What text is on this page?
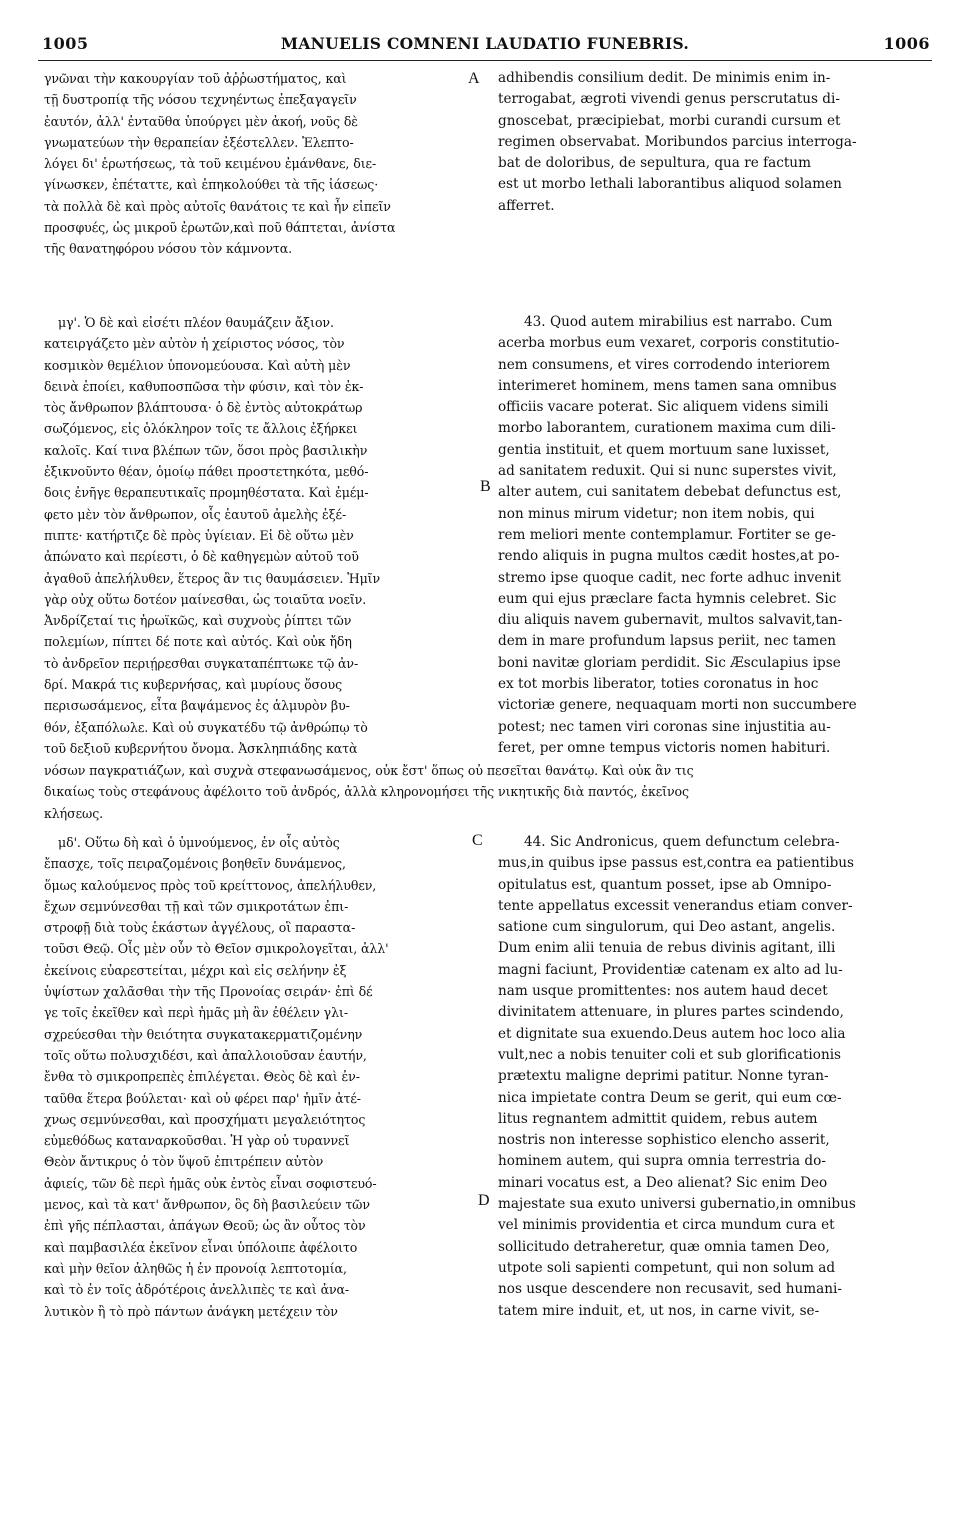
1005	MANUELIS COMNENI LAUDATIO FUNEBRIS.	1006
A
B
C
D

γνῶναι τὴν κακουργίαν τοῦ ἀῤῥωστήματος, καὶ

τῇ δυστροπίᾳ τῆς νόσου τεχνηέντως ἐπεξαγαγεῖν

ἑαυτόν, ἀλλ' ἐνταῦθα ὑπούργει μὲν ἀκοή, νοῦς δὲ

γνωματεύων τὴν θεραπείαν ἐξέστελλεν. Ἐλεπτο-

λόγει δι' ἐρωτήσεως, τὰ τοῦ κειμένου ἐμάνθανε, διε-

γίνωσκεν, ἐπέταττε, καὶ ἐπηκολούθει τὰ τῆς ἰάσεως·

τὰ πολλὰ δὲ καὶ πρὸς αὐτοῖς θανάτοις τε καὶ ἦν εἰπεῖν

προσφυές, ὡς μικροῦ ἐρωτῶν,καὶ ποῦ θάπτεται, ἀνίστα

τῆς θανατηφόρου νόσου τὸν κάμνοντα.

adhibendis consilium dedit. De minimis enim in-

terrogabat, ægroti vivendi genus perscrutatus di-

gnoscebat, præcipiebat, morbi curandi cursum et

regimen observabat. Moribundos parcius interroga-

bat de doloribus, de sepultura, qua re factum

est ut morbo lethali laborantibus aliquod solamen

afferret.

μγ'. Ὁ δὲ καὶ εἰσέτι πλέον θαυμάζειν ἄξιον.

κατειργάζετο μὲν αὐτὸν ἡ χείριστος νόσος, τὸν

κοσμικὸν θεμέλιον ὑπονομεύουσα. Καὶ αὐτὴ μὲν

δεινὰ ἐποίει, καθυποσπῶσα τὴν φύσιν, καὶ τὸν ἐκ-

τὸς ἄνθρωπον βλάπτουσα· ὁ δὲ ἐντὸς αὐτοκράτωρ

σωζόμενος, εἰς ὁλόκληρον τοῖς τε ἄλλοις ἐξήρκει

καλοῖς. Καί τινα βλέπων τῶν, ὅσοι πρὸς βασιλικὴν

ἐξικνοῦντο θέαν, ὁμοίῳ πάθει προστετηκότα, μεθό-

δοις ἐνῆγε θεραπευτικαῖς προμηθέστατα. Καὶ ἐμέμ-

φετο μὲν τὸν ἄνθρωπον, οἷς ἑαυτοῦ ἀμελὴς ἐξέ-

πιπτε· κατήρτιζε δὲ πρὸς ὑγίειαν. Εἰ δὲ οὕτω μὲν

ἀπώνατο καὶ περίεστι, ὁ δὲ καθηγεμὼν αὐτοῦ τοῦ

ἀγαθοῦ ἀπελήλυθεν, ἕτερος ἂν τις θαυμάσειεν. Ἡμῖν

γὰρ οὐχ οὕτω δοτέον μαίνεσθαι, ὡς τοιαῦτα νοεῖν.

Ἀνδρίζεταί τις ἡρωϊκῶς, καὶ συχνοὺς ῥίπτει τῶν

πολεμίων, πίπτει δέ ποτε καὶ αὐτός. Καὶ οὐκ ἤδη

τὸ ἀνδρεῖον περιῄρεσθαι συγκαταπέπτωκε τῷ ἀν-

δρί. Μακρά τις κυβερνήσας, καὶ μυρίους ὅσους

περισωσάμενος, εἶτα βαψάμενος ἐς ἁλμυρὸν βυ-

θόν, ἐξαπόλωλε. Καὶ οὐ συγκατέδυ τῷ ἀνθρώπῳ τὸ

τοῦ δεξιοῦ κυβερνήτου ὄνομα. Ἀσκληπιάδης κατὰ

43. Quod autem mirabilius est narrabo. Cum

acerba morbus eum vexaret, corporis constitutio-

nem consumens, et vires corrodendo interiorem

interimeret hominem, mens tamen sana omnibus

officiis vacare poterat. Sic aliquem videns simili

morbo laborantem, curationem maxima cum dili-

gentia instituit, et quem mortuum sane luxisset,

ad sanitatem reduxit. Qui si nunc superstes vivit,

alter autem, cui sanitatem debebat defunctus est,

non minus mirum videtur; non item nobis, qui

rem meliori mente contemplamur. Fortiter se ge-

rendo aliquis in pugna multos cædit hostes,at po-

stremo ipse quoque cadit, nec forte adhuc invenit

eum qui ejus præclare facta hymnis celebret. Sic

diu aliquis navem gubernavit, multos salvavit,tan-

dem in mare profundum lapsus periit, nec tamen

boni navitæ gloriam perdidit. Sic Æsculapius ipse

ex tot morbis liberator, toties coronatus in hoc

victoriæ genere, nequaquam morti non succumbere

potest; nec tamen viri coronas sine injustitia au-

feret, per omne tempus victoris nomen habituri.

νόσων παγκρατιάζων, καὶ συχνὰ στεφανωσάμενος, οὐκ ἔστ' ὅπως οὐ πεσεῖται θανάτῳ. Καὶ οὐκ ἂν τις

δικαίως τοὺς στεφάνους ἀφέλοιτο τοῦ ἀνδρός, ἀλλὰ κληρονομήσει τῆς νικητικῆς διὰ παντός, ἐκεῖνος

κλήσεως.

μδ'. Οὕτω δὴ καὶ ὁ ὑμνούμενος, ἐν οἷς αὐτὸς

ἔπασχε, τοῖς πειραζομένοις βοηθεῖν δυνάμενος,

ὅμως καλούμενος πρὸς τοῦ κρείττονος, ἀπελήλυθεν,

ἔχων σεμνύνεσθαι τῇ καὶ τῶν σμικροτάτων ἐπι-

στροφῇ διὰ τοὺς ἑκάστων ἀγγέλους, οἳ παραστα-

τοῦσι Θεῷ. Οἷς μὲν οὖν τὸ Θεῖον σμικρολογεῖται, ἀλλ'

ἐκείνοις εὐαρεστείται, μέχρι καὶ εἰς σελήνην ἐξ

ὑψίστων χαλᾶσθαι τὴν τῆς Προνοίας σειράν· ἐπὶ δέ

γε τοῖς ἐκεῖθεν καὶ περὶ ἡμᾶς μὴ ἂν ἐθέλειν γλι-

σχρεύεσθαι τὴν θειότητα συγκατακερματιζομένην

τοῖς οὕτω πολυσχιδέσι, καὶ ἀπαλλοιοῦσαν ἑαυτήν,

ἔνθα τὸ σμικροπρεπὲς ἐπιλέγεται. Θεὸς δὲ καὶ ἐν-

ταῦθα ἕτερα βούλεται· καὶ οὐ φέρει παρ' ἡμῖν ἀτέ-

χνως σεμνύνεσθαι, καὶ προσχήματι μεγαλειότητος

εὐμεθόδως καταναρκοῦσθαι. Ἡ γὰρ οὐ τυραννεῖ

Θεὸν ἄντικρυς ὁ τὸν ὕψοῦ ἐπιτρέπειν αὐτὸν

ἀφιείς, τῶν δὲ περὶ ἡμᾶς οὐκ ἐντὸς εἶναι σοφιστευό-

μενος, καὶ τὰ κατ' ἄνθρωπον, ὃς δὴ βασιλεύειν τῶν

ἐπὶ γῆς πέπλασται, ἀπάγων Θεοῦ; ὡς ἂν οὗτος τὸν

καὶ παμβασιλέα ἐκεῖνον εἶναι ὑπόλοιπε ἀφέλοιτο

καὶ μὴν θεῖον ἀληθῶς ἡ ἐν προνοίᾳ λεπτοτομία,

καὶ τὸ ἐν τοῖς ἀδρότέροις ἀνελλιπὲς τε καὶ ἀνα-

λυτικὸν ἢ τὸ πρὸ πάντων ἀνάγκη μετέχειν τὸν

44. Sic Andronicus, quem defunctum celebra-

mus,in quibus ipse passus est,contra ea patientibus

opitulatus est, quantum posset, ipse ab Omnipo-

tente appellatus excessit venerandus etiam conver-

satione cum singulorum, qui Deo astant, angelis.

Dum enim alii tenuia de rebus divinis agitant, illi

magni faciunt, Providentiæ catenam ex alto ad lu-

nam usque promittentes: nos autem haud decet

divinitatem attenuare, in plures partes scindendo,

et dignitate sua exuendo.Deus autem hoc loco alia

vult,nec a nobis tenuiter coli et sub glorificationis

prætextu maligne deprimi patitur. Nonne tyran-

nica impietate contra Deum se gerit, qui eum cœ-

litus regnantem admittit quidem, rebus autem

nostris non interesse sophistico elencho asserit,

hominem autem, qui supra omnia terrestria do-

minari vocatus est, a Deo alienat? Sic enim Deo

majestate sua exuto universi gubernatio,in omnibus

vel minimis providentia et circa mundum cura et

sollicitudo detraheretur, quæ omnia tamen Deo,

utpote soli sapienti competunt, qui non solum ad

nos usque descendere non recusavit, sed humani-

tatem mire induit, et, ut nos, in carne vivit, se-
